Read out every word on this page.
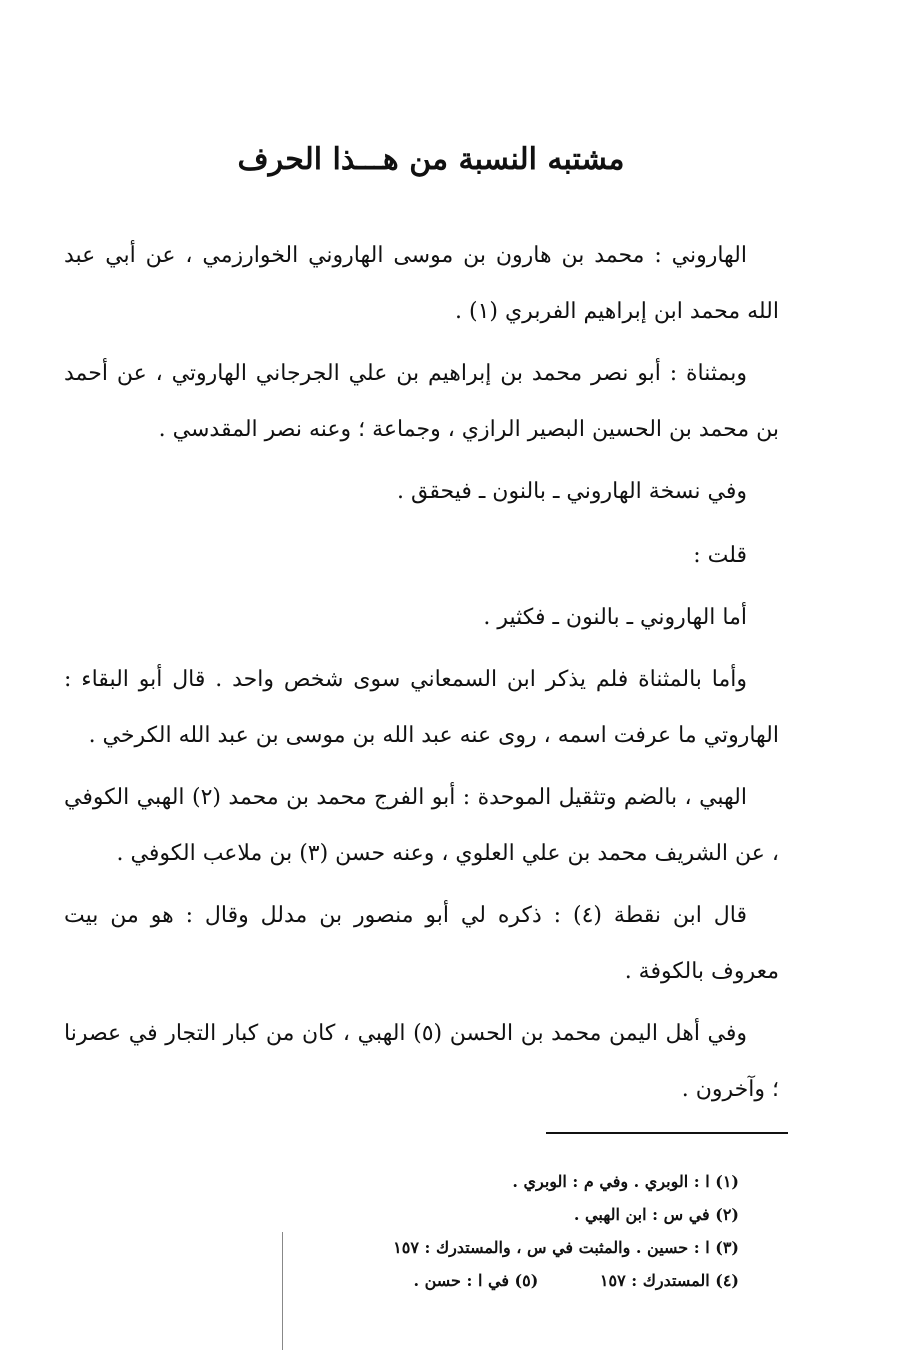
مشتبه النسبة من هـــذا الحرف

الهاروني : محمد بن هارون بن موسى الهاروني الخوارزمي ، عن أبي عبد الله محمد ابن إبراهيم الفربري (١) .

وبمثناة : أبو نصر محمد بن إبراهيم بن علي الجرجاني الهاروتي ، عن أحمد بن محمد بن الحسين البصير الرازي ، وجماعة ؛ وعنه نصر المقدسي .

وفي نسخة الهاروني ـ بالنون ـ فيحقق .

قلت :

أما الهاروني ـ بالنون ـ فكثير .

وأما بالمثناة فلم يذكر ابن السمعاني سوى شخص واحد . قال أبو البقاء : الهاروتي ما عرفت اسمه ، روى عنه عبد الله بن موسى بن عبد الله الكرخي .

الهبي ، بالضم وتثقيل الموحدة : أبو الفرج محمد بن محمد (٢) الهبي الكوفي ، عن الشريف محمد بن علي العلوي ، وعنه حسن (٣) بن ملاعب الكوفي .

قال ابن نقطة (٤) : ذكره لي أبو منصور بن مدلل وقال : هو من بيت معروف بالكوفة .

وفي أهل اليمن محمد بن الحسن (٥) الهبي ، كان من كبار التجار في عصرنا ؛ وآخرون .

(١) ا : الوبري . وفي م : الوبري .
(٢) في س : ابن الهبي .
(٣) ا : حسين . والمثبت في س ، والمستدرك : ١٥٧
(٤) المستدرك : ١٥٧ (٥) في ا : حسن .
